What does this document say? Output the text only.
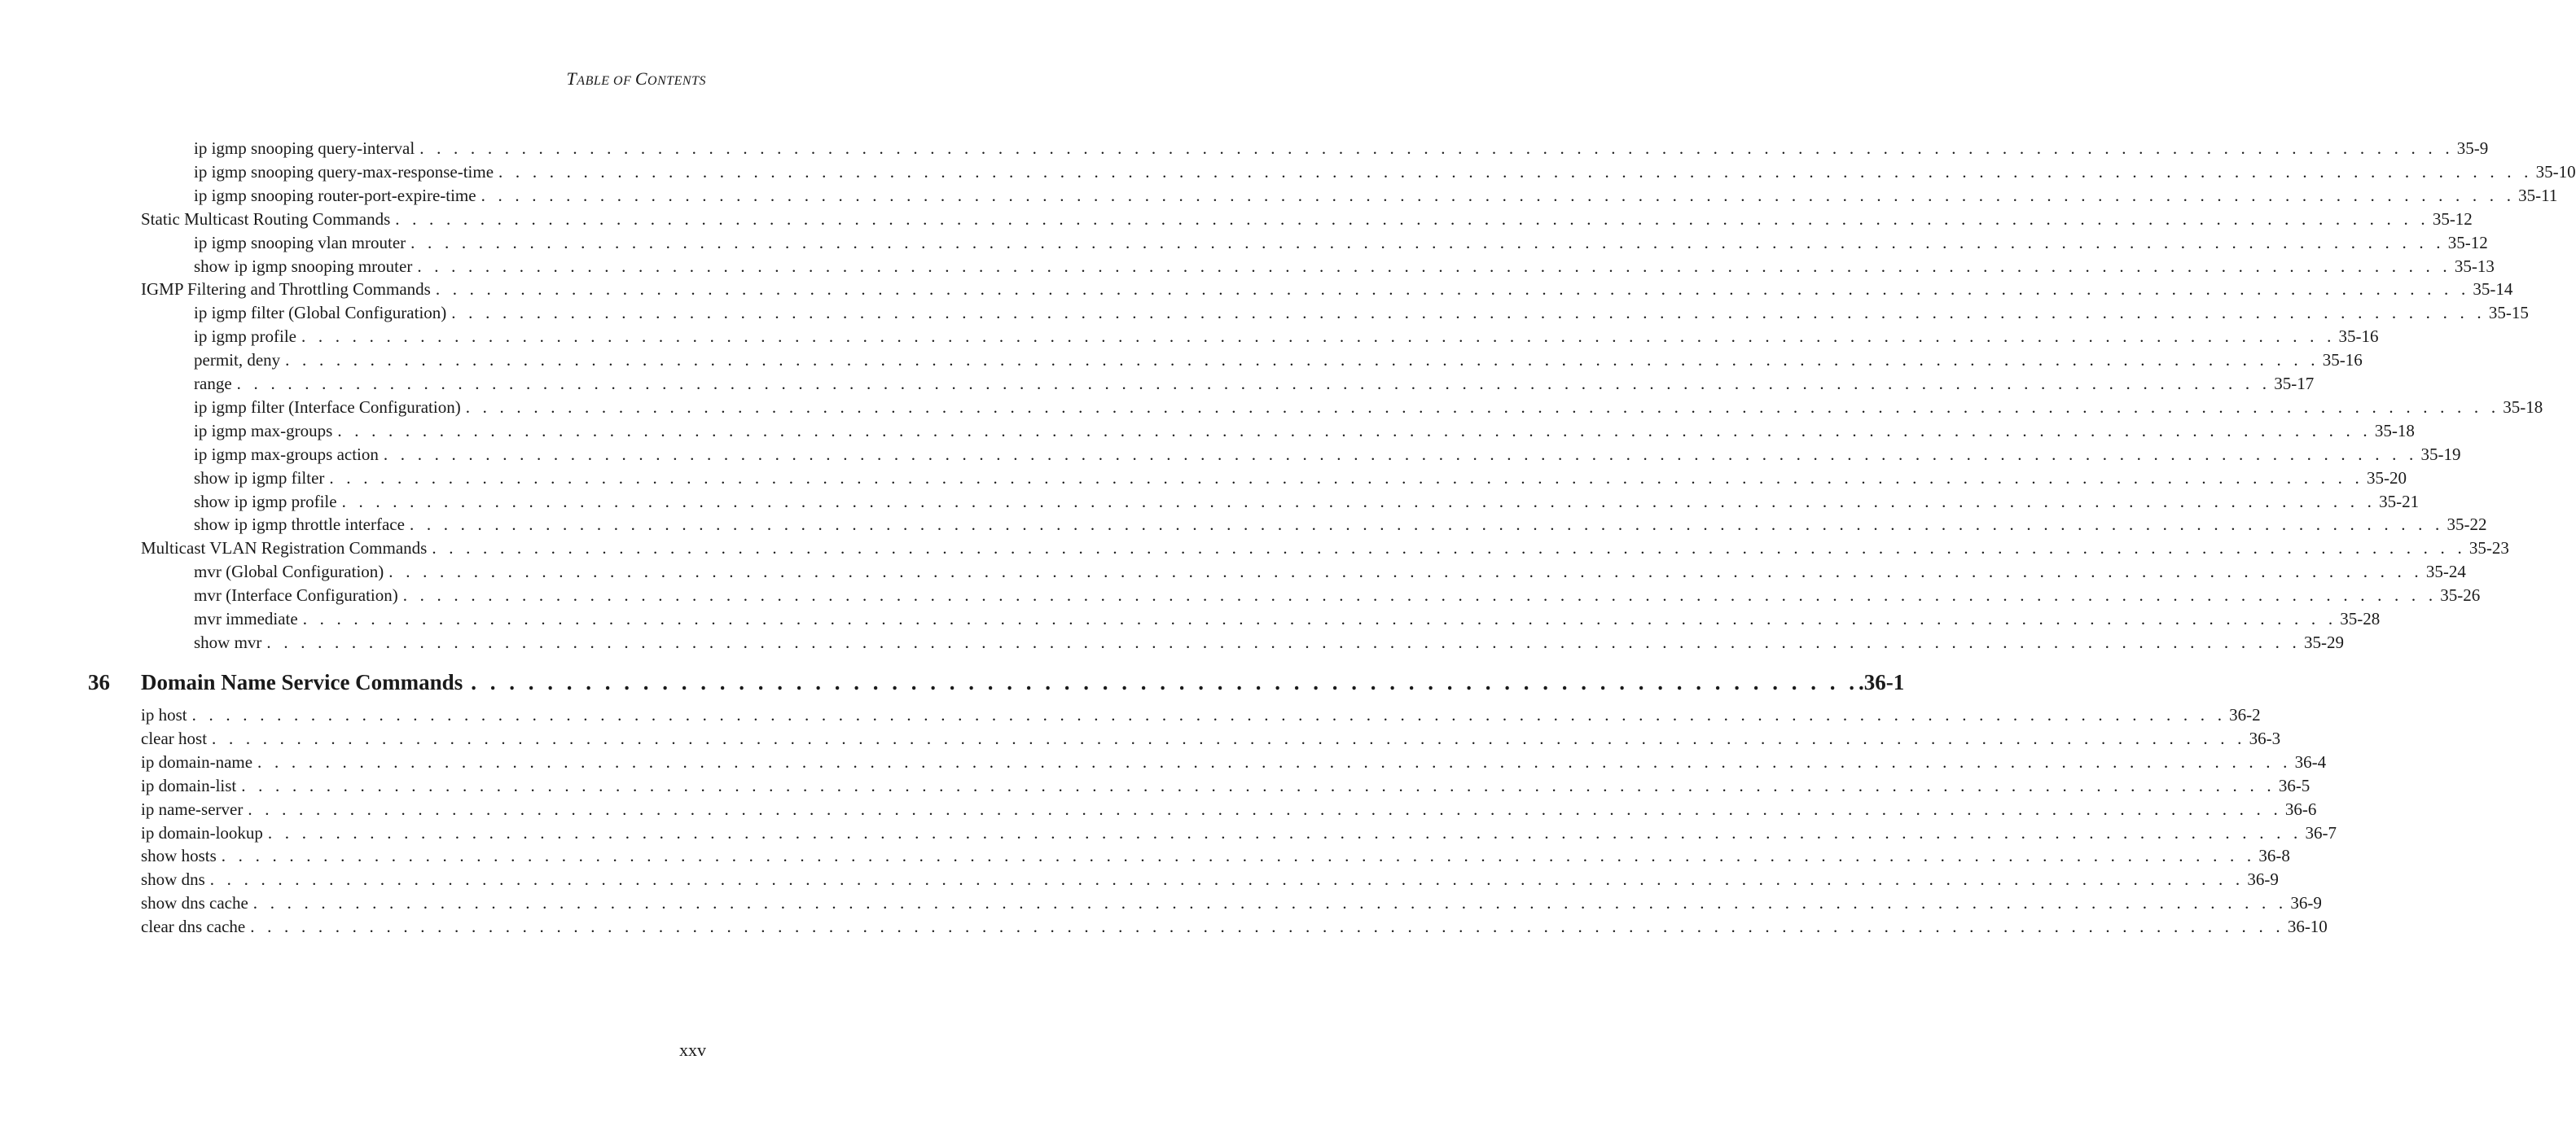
TABLE OF CONTENTS
ip igmp snooping query-interval . . . . . . . . . . . . . . . . . . . . . . . . . . . . . . . . . . . . . . . . . . . . . . . . . . . . . . . . . . . . . . . . . . . . . . . . . . . . . . . . . . . . . . . . . . . . . . . . . . . . . . . . . . . . . . . . . . . . . . . . 35-9
ip igmp snooping query-max-response-time . . . . . . . . . . . . . . . . . . . . . . . . . . . . . . . . . . . . . . . . . . . . . . . . . . . . . . . . . . . . . . . . . . . . . . . . . . . . . . . . . . . . . . . . . . . . . . . . . . . . . . . . . . . . . . . . . . . . . . . . 35-10
ip igmp snooping router-port-expire-time . . . . . . . . . . . . . . . . . . . . . . . . . . . . . . . . . . . . . . . . . . . . . . . . . . . . . . . . . . . . . . . . . . . . . . . . . . . . . . . . . . . . . . . . . . . . . . . . . . . . . . . . . . . . . . . . . . . . . . . . 35-11
Static Multicast Routing Commands . . . . . . . . . . . . . . . . . . . . . . . . . . . . . . . . . . . . . . . . . . . . . . . . . . . . . . . . . . . . . . . . . . . . . . . . . . . . . . . . . . . . . . . . . . . . . . . . . . . . . . . . . . . . . . . . . . . . . . . . 35-12
ip igmp snooping vlan mrouter . . . . . . . . . . . . . . . . . . . . . . . . . . . . . . . . . . . . . . . . . . . . . . . . . . . . . . . . . . . . . . . . . . . . . . . . . . . . . . . . . . . . . . . . . . . . . . . . . . . . . . . . . . . . . . . . . . . . . . . . 35-12
show ip igmp snooping mrouter . . . . . . . . . . . . . . . . . . . . . . . . . . . . . . . . . . . . . . . . . . . . . . . . . . . . . . . . . . . . . . . . . . . . . . . . . . . . . . . . . . . . . . . . . . . . . . . . . . . . . . . . . . . . . . . . . . . . . . . . 35-13
IGMP Filtering and Throttling Commands . . . . . . . . . . . . . . . . . . . . . . . . . . . . . . . . . . . . . . . . . . . . . . . . . . . . . . . . . . . . . . . . . . . . . . . . . . . . . . . . . . . . . . . . . . . . . . . . . . . . . . . . . . . . . . . . . . . . . . . . 35-14
ip igmp filter (Global Configuration) . . . . . . . . . . . . . . . . . . . . . . . . . . . . . . . . . . . . . . . . . . . . . . . . . . . . . . . . . . . . . . . . . . . . . . . . . . . . . . . . . . . . . . . . . . . . . . . . . . . . . . . . . . . . . . . . . . . . . . . . 35-15
ip igmp profile . . . . . . . . . . . . . . . . . . . . . . . . . . . . . . . . . . . . . . . . . . . . . . . . . . . . . . . . . . . . . . . . . . . . . . . . . . . . . . . . . . . . . . . . . . . . . . . . . . . . . . . . . . . . . . . . . . . . . . . . 35-16
permit, deny . . . . . . . . . . . . . . . . . . . . . . . . . . . . . . . . . . . . . . . . . . . . . . . . . . . . . . . . . . . . . . . . . . . . . . . . . . . . . . . . . . . . . . . . . . . . . . . . . . . . . . . . . . . . . . . . . . . . . . . . 35-16
range . . . . . . . . . . . . . . . . . . . . . . . . . . . . . . . . . . . . . . . . . . . . . . . . . . . . . . . . . . . . . . . . . . . . . . . . . . . . . . . . . . . . . . . . . . . . . . . . . . . . . . . . . . . . . . . . . . . . . . . . 35-17
ip igmp filter (Interface Configuration) . . . . . . . . . . . . . . . . . . . . . . . . . . . . . . . . . . . . . . . . . . . . . . . . . . . . . . . . . . . . . . . . . . . . . . . . . . . . . . . . . . . . . . . . . . . . . . . . . . . . . . . . . . . . . . . . . . . . . . . . 35-18
ip igmp max-groups . . . . . . . . . . . . . . . . . . . . . . . . . . . . . . . . . . . . . . . . . . . . . . . . . . . . . . . . . . . . . . . . . . . . . . . . . . . . . . . . . . . . . . . . . . . . . . . . . . . . . . . . . . . . . . . . . . . . . . . . 35-18
ip igmp max-groups action . . . . . . . . . . . . . . . . . . . . . . . . . . . . . . . . . . . . . . . . . . . . . . . . . . . . . . . . . . . . . . . . . . . . . . . . . . . . . . . . . . . . . . . . . . . . . . . . . . . . . . . . . . . . . . . . . . . . . . . . 35-19
show ip igmp filter . . . . . . . . . . . . . . . . . . . . . . . . . . . . . . . . . . . . . . . . . . . . . . . . . . . . . . . . . . . . . . . . . . . . . . . . . . . . . . . . . . . . . . . . . . . . . . . . . . . . . . . . . . . . . . . . . . . . . . . . 35-20
show ip igmp profile . . . . . . . . . . . . . . . . . . . . . . . . . . . . . . . . . . . . . . . . . . . . . . . . . . . . . . . . . . . . . . . . . . . . . . . . . . . . . . . . . . . . . . . . . . . . . . . . . . . . . . . . . . . . . . . . . . . . . . . . 35-21
show ip igmp throttle interface . . . . . . . . . . . . . . . . . . . . . . . . . . . . . . . . . . . . . . . . . . . . . . . . . . . . . . . . . . . . . . . . . . . . . . . . . . . . . . . . . . . . . . . . . . . . . . . . . . . . . . . . . . . . . . . . . . . . . . . . 35-22
Multicast VLAN Registration Commands . . . . . . . . . . . . . . . . . . . . . . . . . . . . . . . . . . . . . . . . . . . . . . . . . . . . . . . . . . . . . . . . . . . . . . . . . . . . . . . . . . . . . . . . . . . . . . . . . . . . . . . . . . . . . . . . . . . . . . . . 35-23
mvr (Global Configuration) . . . . . . . . . . . . . . . . . . . . . . . . . . . . . . . . . . . . . . . . . . . . . . . . . . . . . . . . . . . . . . . . . . . . . . . . . . . . . . . . . . . . . . . . . . . . . . . . . . . . . . . . . . . . . . . . . . . . . . . . 35-24
mvr (Interface Configuration) . . . . . . . . . . . . . . . . . . . . . . . . . . . . . . . . . . . . . . . . . . . . . . . . . . . . . . . . . . . . . . . . . . . . . . . . . . . . . . . . . . . . . . . . . . . . . . . . . . . . . . . . . . . . . . . . . . . . . . . . 35-26
mvr immediate . . . . . . . . . . . . . . . . . . . . . . . . . . . . . . . . . . . . . . . . . . . . . . . . . . . . . . . . . . . . . . . . . . . . . . . . . . . . . . . . . . . . . . . . . . . . . . . . . . . . . . . . . . . . . . . . . . . . . . . . 35-28
show mvr . . . . . . . . . . . . . . . . . . . . . . . . . . . . . . . . . . . . . . . . . . . . . . . . . . . . . . . . . . . . . . . . . . . . . . . . . . . . . . . . . . . . . . . . . . . . . . . . . . . . . . . . . . . . . . . . . . . . . . . . 35-29
36	Domain Name Service Commands . . . . . . . . . . . . . . . . . . . . . . . . . . . . . . . . . . . . . . . . . . . . . . . . . . . . . . . . . . . . . . . . . . . . . . . . . .36-1
ip host . . . . . . . . . . . . . . . . . . . . . . . . . . . . . . . . . . . . . . . . . . . . . . . . . . . . . . . . . . . . . . . . . . . . . . . . . . . . . . . . . . . . . . . . . . . . . . . . . . . . . . . . . . . . . . . . . . . . . . . . 36-2
clear host . . . . . . . . . . . . . . . . . . . . . . . . . . . . . . . . . . . . . . . . . . . . . . . . . . . . . . . . . . . . . . . . . . . . . . . . . . . . . . . . . . . . . . . . . . . . . . . . . . . . . . . . . . . . . . . . . . . . . . . . 36-3
ip domain-name . . . . . . . . . . . . . . . . . . . . . . . . . . . . . . . . . . . . . . . . . . . . . . . . . . . . . . . . . . . . . . . . . . . . . . . . . . . . . . . . . . . . . . . . . . . . . . . . . . . . . . . . . . . . . . . . . . . . . . . . 36-4
ip domain-list . . . . . . . . . . . . . . . . . . . . . . . . . . . . . . . . . . . . . . . . . . . . . . . . . . . . . . . . . . . . . . . . . . . . . . . . . . . . . . . . . . . . . . . . . . . . . . . . . . . . . . . . . . . . . . . . . . . . . . . . 36-5
ip name-server . . . . . . . . . . . . . . . . . . . . . . . . . . . . . . . . . . . . . . . . . . . . . . . . . . . . . . . . . . . . . . . . . . . . . . . . . . . . . . . . . . . . . . . . . . . . . . . . . . . . . . . . . . . . . . . . . . . . . . . . 36-6
ip domain-lookup . . . . . . . . . . . . . . . . . . . . . . . . . . . . . . . . . . . . . . . . . . . . . . . . . . . . . . . . . . . . . . . . . . . . . . . . . . . . . . . . . . . . . . . . . . . . . . . . . . . . . . . . . . . . . . . . . . . . . . . . 36-7
show hosts . . . . . . . . . . . . . . . . . . . . . . . . . . . . . . . . . . . . . . . . . . . . . . . . . . . . . . . . . . . . . . . . . . . . . . . . . . . . . . . . . . . . . . . . . . . . . . . . . . . . . . . . . . . . . . . . . . . . . . . . 36-8
show dns . . . . . . . . . . . . . . . . . . . . . . . . . . . . . . . . . . . . . . . . . . . . . . . . . . . . . . . . . . . . . . . . . . . . . . . . . . . . . . . . . . . . . . . . . . . . . . . . . . . . . . . . . . . . . . . . . . . . . . . . 36-9
show dns cache . . . . . . . . . . . . . . . . . . . . . . . . . . . . . . . . . . . . . . . . . . . . . . . . . . . . . . . . . . . . . . . . . . . . . . . . . . . . . . . . . . . . . . . . . . . . . . . . . . . . . . . . . . . . . . . . . . . . . . . . 36-9
clear dns cache . . . . . . . . . . . . . . . . . . . . . . . . . . . . . . . . . . . . . . . . . . . . . . . . . . . . . . . . . . . . . . . . . . . . . . . . . . . . . . . . . . . . . . . . . . . . . . . . . . . . . . . . . . . . . . . . . . . . . . . . 36-10
xxv
